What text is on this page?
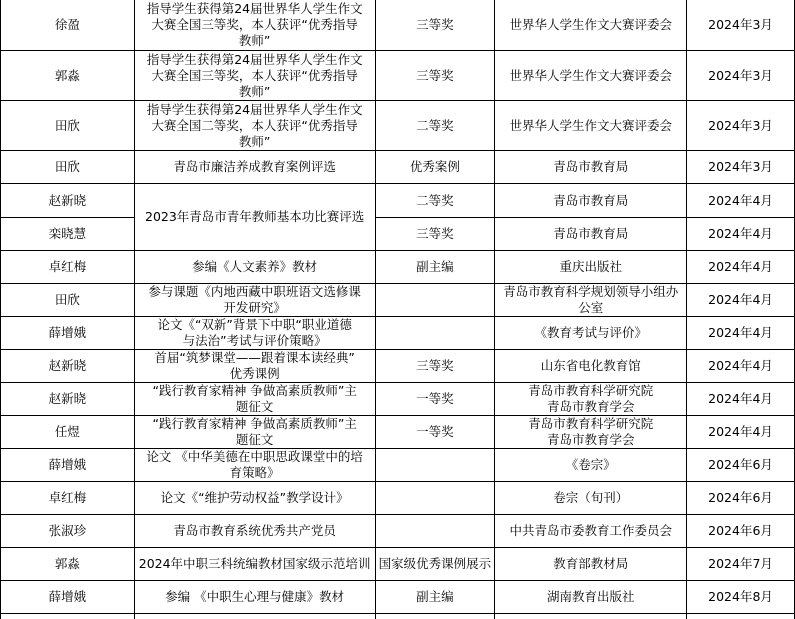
徐盈	指导学生获得第24届世界华人学生作文
大赛全国三等奖，本人获评“优秀指导
教师”	三等奖	世界华人学生作文大赛评委会	2024年3月
郭淼	指导学生获得第24届世界华人学生作文
大赛全国三等奖，本人获评“优秀指导
教师”	三等奖	世界华人学生作文大赛评委会	2024年3月
田欣	指导学生获得第24届世界华人学生作文
大赛全国二等奖，本人获评“优秀指导
教师”	二等奖	世界华人学生作文大赛评委会	2024年3月
田欣	青岛市廉洁养成教育案例评选	优秀案例	青岛市教育局	2024年3月
赵新晓	2023年青岛市青年教师基本功比赛评选	二等奖	青岛市教育局	2024年4月
栾晓慧		三等奖	青岛市教育局	2024年4月
卓红梅	参编《人文素养》教材	副主编	重庆出版社	2024年4月
田欣	参与课题《内地西藏中职班语文选修课
开发研究》		青岛市教育科学规划领导小组办
公室	2024年4月
薛增娥	论文《“双新”背景下中职“职业道德
与法治”考试与评价策略》		《教育考试与评价》	2024年4月
赵新晓	首届“筑梦课堂——跟着课本读经典”
优秀课例	三等奖	山东省电化教育馆	2024年4月
赵新晓	“践行教育家精神 争做高素质教师”主
题征文	一等奖	青岛市教育科学研究院
青岛市教育学会	2024年4月
任煜	“践行教育家精神 争做高素质教师”主
题征文	一等奖	青岛市教育科学研究院
青岛市教育学会	2024年4月
薛增娥	论文 《中华美德在中职思政课堂中的培
育策略》		《卷宗》	2024年6月
卓红梅	论文《“维护劳动权益”教学设计》		卷宗（旬刊）	2024年6月
张淑珍	青岛市教育系统优秀共产党员		中共青岛市委教育工作委员会	2024年6月
郭淼	2024年中职三科统编教材国家级示范培训	国家级优秀课例展示	教育部教材局	2024年7月
薛增娥	参编 《中职生心理与健康》教材	副主编	湖南教育出版社	2024年8月
